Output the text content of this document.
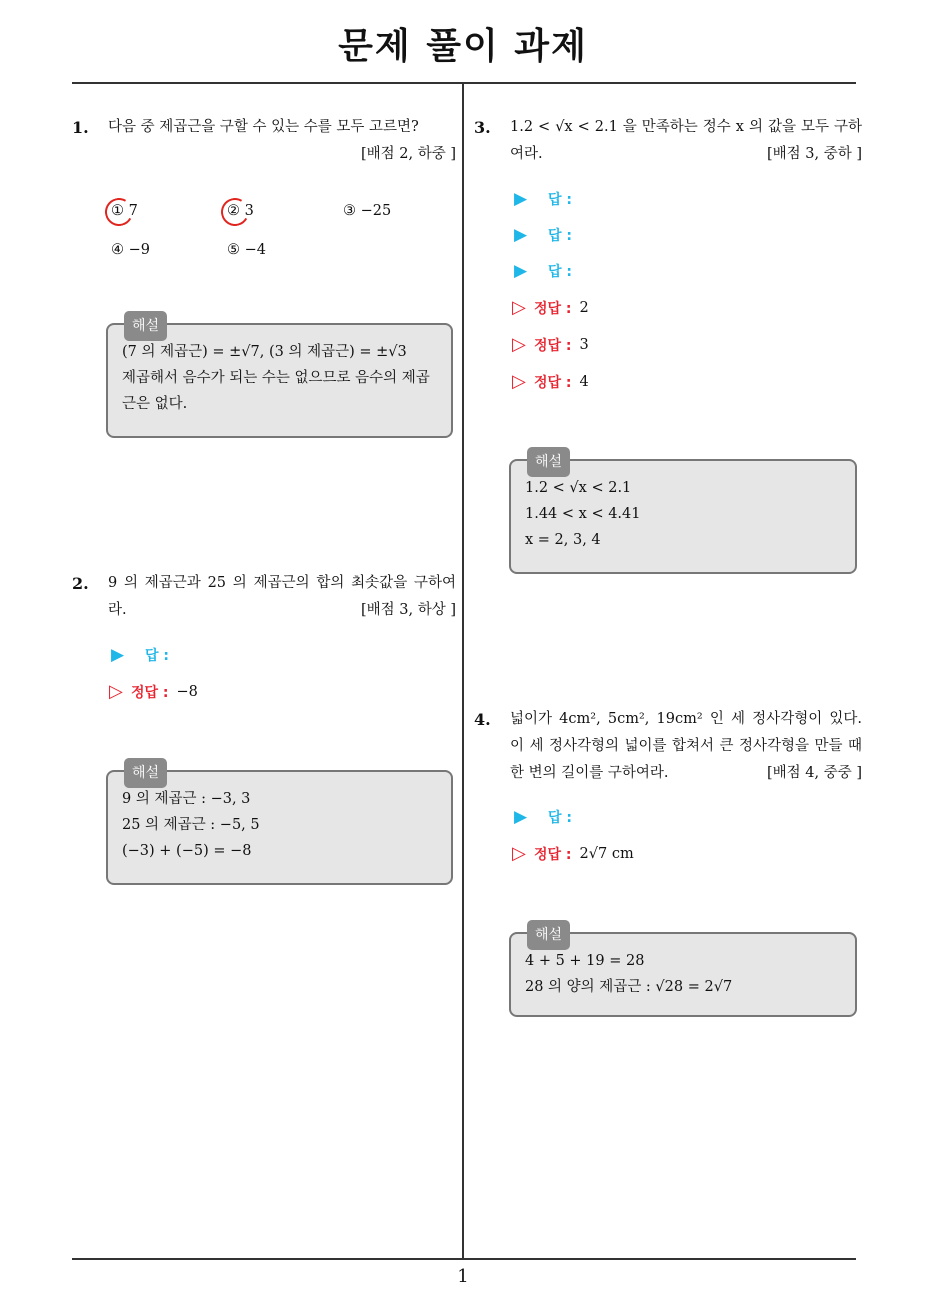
문제 풀이 과제
1. 다음 중 제곱근을 구할 수 있는 수를 모두 고르면?

[배점 2, 하중 ]
① 7	② 3	③ −25
④ −9	⑤ −4
해설
(7 의 제곱근) = ±√7, (3 의 제곱근) = ±√3
제곱해서 음수가 되는 수는 없으므로 음수의 제곱
근은 없다.
2. 9 의 제곱근과 25 의 제곱근의 합의 최솟값을 구하여라.	[배점 3, 하상 ]
▶	답 :
▷ 정답 : −8
해설
9 의 제곱근 : −3, 3
25 의 제곱근 : −5, 5
(−3) + (−5) = −8
3. 1.2 < √x < 2.1 을 만족하는 정수 x 의 값을 모두 구하여라.	[배점 3, 중하 ]
▶	답 :
▶	답 :
▶	답 :
▷ 정답 : 2
▷ 정답 : 3
▷ 정답 : 4
해설
1.2 < √x < 2.1
1.44 < x < 4.41
x = 2, 3, 4
4. 넓이가 4cm², 5cm², 19cm² 인 세 정사각형이 있다. 이 세 정사각형의 넓이를 합쳐서 큰 정사각형을 만들 때 한 변의 길이를 구하여라.	[배점 4, 중중 ]
▶	답 :
▷ 정답 : 2√7 cm
해설
4 + 5 + 19 = 28
28 의 양의 제곱근 : √28 = 2√7
1
